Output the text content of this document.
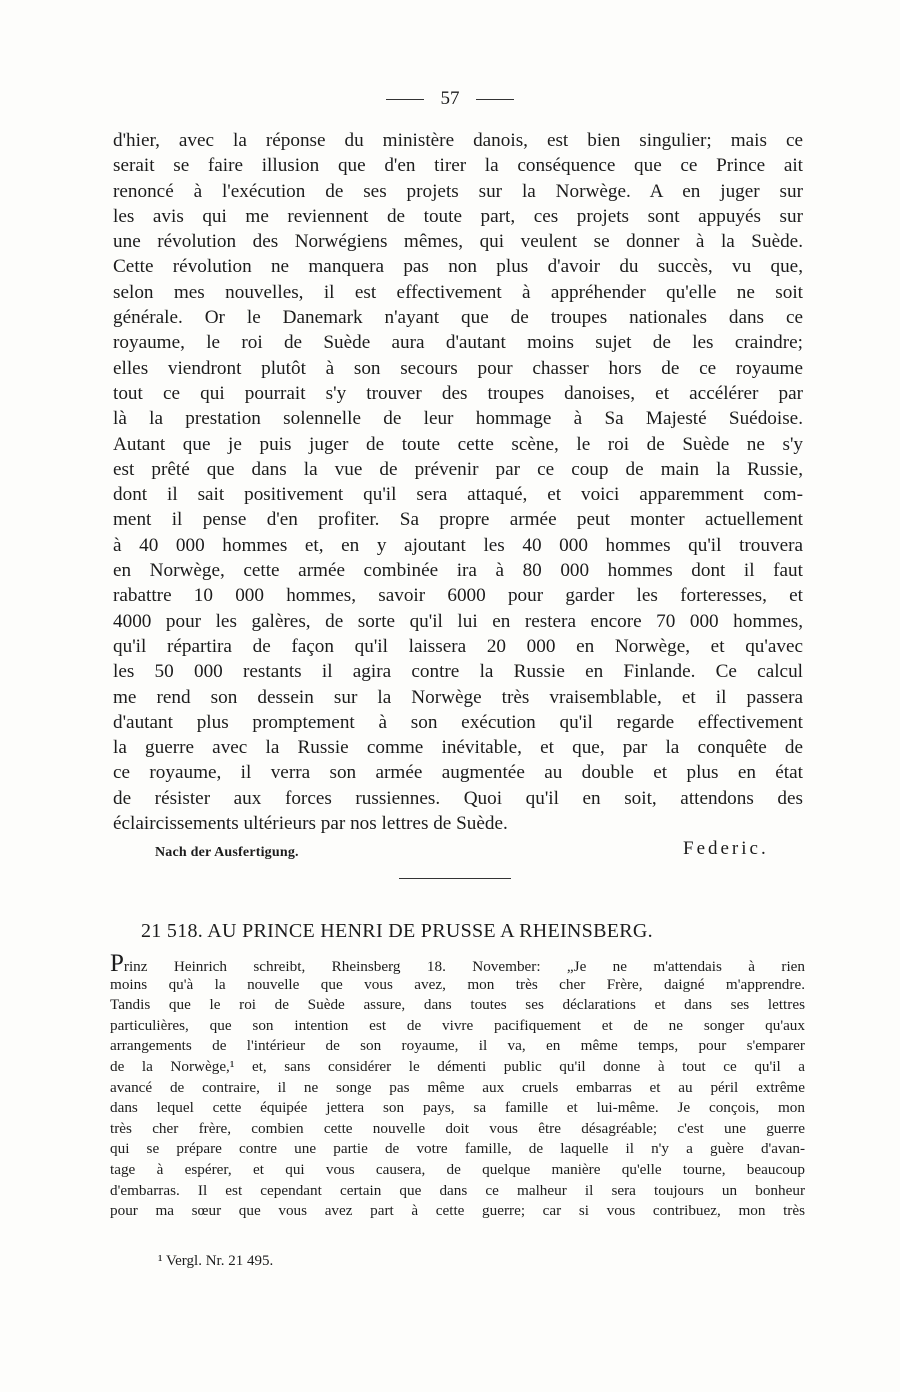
57
d'hier, avec la réponse du ministère danois, est bien singulier; mais ce
serait se faire illusion que d'en tirer la conséquence que ce Prince ait
renoncé à l'exécution de ses projets sur la Norwège. A en juger sur
les avis qui me reviennent de toute part, ces projets sont appuyés sur
une révolution des Norwégiens mêmes, qui veulent se donner à la Suède.
Cette révolution ne manquera pas non plus d'avoir du succès, vu que,
selon mes nouvelles, il est effectivement à appréhender qu'elle ne soit
générale. Or le Danemark n'ayant que de troupes nationales dans ce
royaume, le roi de Suède aura d'autant moins sujet de les craindre;
elles viendront plutôt à son secours pour chasser hors de ce royaume
tout ce qui pourrait s'y trouver des troupes danoises, et accélérer par
là la prestation solennelle de leur hommage à Sa Majesté Suédoise.
Autant que je puis juger de toute cette scène, le roi de Suède ne s'y
est prêté que dans la vue de prévenir par ce coup de main la Russie,
dont il sait positivement qu'il sera attaqué, et voici apparemment com-
ment il pense d'en profiter. Sa propre armée peut monter actuellement
à 40 000 hommes et, en y ajoutant les 40 000 hommes qu'il trouvera
en Norwège, cette armée combinée ira à 80 000 hommes dont il faut
rabattre 10 000 hommes, savoir 6000 pour garder les forteresses, et
4000 pour les galères, de sorte qu'il lui en restera encore 70 000 hommes,
qu'il répartira de façon qu'il laissera 20 000 en Norwège, et qu'avec
les 50 000 restants il agira contre la Russie en Finlande. Ce calcul
me rend son dessein sur la Norwège très vraisemblable, et il passera
d'autant plus promptement à son exécution qu'il regarde effectivement
la guerre avec la Russie comme inévitable, et que, par la conquête de
ce royaume, il verra son armée augmentée au double et plus en état
de résister aux forces russiennes. Quoi qu'il en soit, attendons des
éclaircissements ultérieurs par nos lettres de Suède.
Nach der Ausfertigung.	Federic.
21 518. AU PRINCE HENRI DE PRUSSE A RHEINSBERG.
Prinz Heinrich schreibt, Rheinsberg 18. November: „Je ne m'attendais à rien
moins qu'à la nouvelle que vous avez, mon très cher Frère, daigné m'apprendre.
Tandis que le roi de Suède assure, dans toutes ses déclarations et dans ses lettres
particulières, que son intention est de vivre pacifiquement et de ne songer qu'aux
arrangements de l'intérieur de son royaume, il va, en même temps, pour s'emparer
de la Norwège,¹ et, sans considérer le démenti public qu'il donne à tout ce qu'il a
avancé de contraire, il ne songe pas même aux cruels embarras et au péril extrême
dans lequel cette équipée jettera son pays, sa famille et lui-même. Je conçois, mon
très cher frère, combien cette nouvelle doit vous être désagréable; c'est une guerre
qui se prépare contre une partie de votre famille, de laquelle il n'y a guère d'avan-
tage à espérer, et qui vous causera, de quelque manière qu'elle tourne, beaucoup
d'embarras. Il est cependant certain que dans ce malheur il sera toujours un bonheur
pour ma sœur que vous avez part à cette guerre; car si vous contribuez, mon très
¹ Vergl. Nr. 21 495.
